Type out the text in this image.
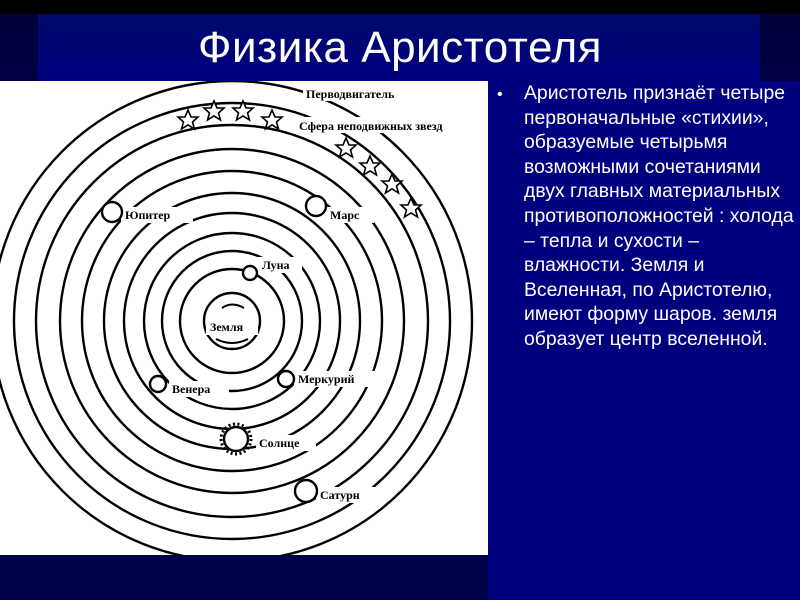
Физика Аристотеля
Перводвигатель
Сфера неподвижных звезд
Юпитер	Марс
Луна
Земля
Венера
Меркурий
Солнце
Сатурн
• Аристотель признаёт четыре первоначальные «стихии», образуемые четырьмя возможными сочетаниями двух главных материальных противоположностей : холода – тепла и сухости – влажности. Земля и Вселенная, по Аристотелю, имеют форму шаров. земля образует центр вселенной.
